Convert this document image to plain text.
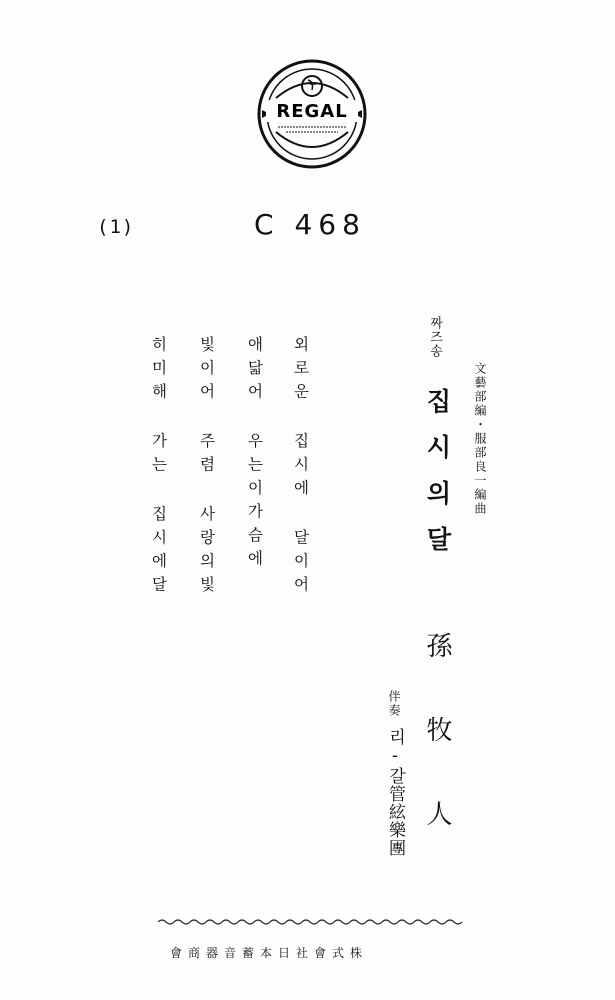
REGAL
(1)	C 468

짜즈송

집시의달 文藝部編・服部良一編曲

孫牧人

伴奏

리-갈管絃樂團

외로운 집시에 달이어

애닯어 우는이가슴에

빛이어 주렴 사랑의빛

히미해 가는 집시에달

會商器音蓄本日社會式株
